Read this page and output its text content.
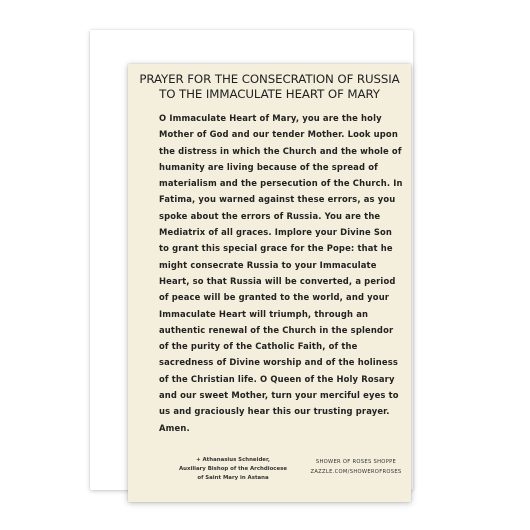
PRAYER FOR THE CONSECRATION OF RUSSIA
TO THE IMMACULATE HEART OF MARY
O Immaculate Heart of Mary, you are the holy
Mother of God and our tender Mother. Look upon
the distress in which the Church and the whole of
humanity are living because of the spread of
materialism and the persecution of the Church. In
Fatima, you warned against these errors, as you
spoke about the errors of Russia. You are the
Mediatrix of all graces. Implore your Divine Son
to grant this special grace for the Pope: that he
might consecrate Russia to your Immaculate
Heart, so that Russia will be converted, a period
of peace will be granted to the world, and your
Immaculate Heart will triumph, through an
authentic renewal of the Church in the splendor
of the purity of the Catholic Faith, of the
sacredness of Divine worship and of the holiness
of the Christian life. O Queen of the Holy Rosary
and our sweet Mother, turn your merciful eyes to
us and graciously hear this our trusting prayer.
Amen.
+ Athanasius Schneider,
Auxiliary Bishop of the Archdiocese
of Saint Mary in Astana
SHOWER OF ROSES SHOPPE
ZAZZLE.COM/SHOWEROFROSES
